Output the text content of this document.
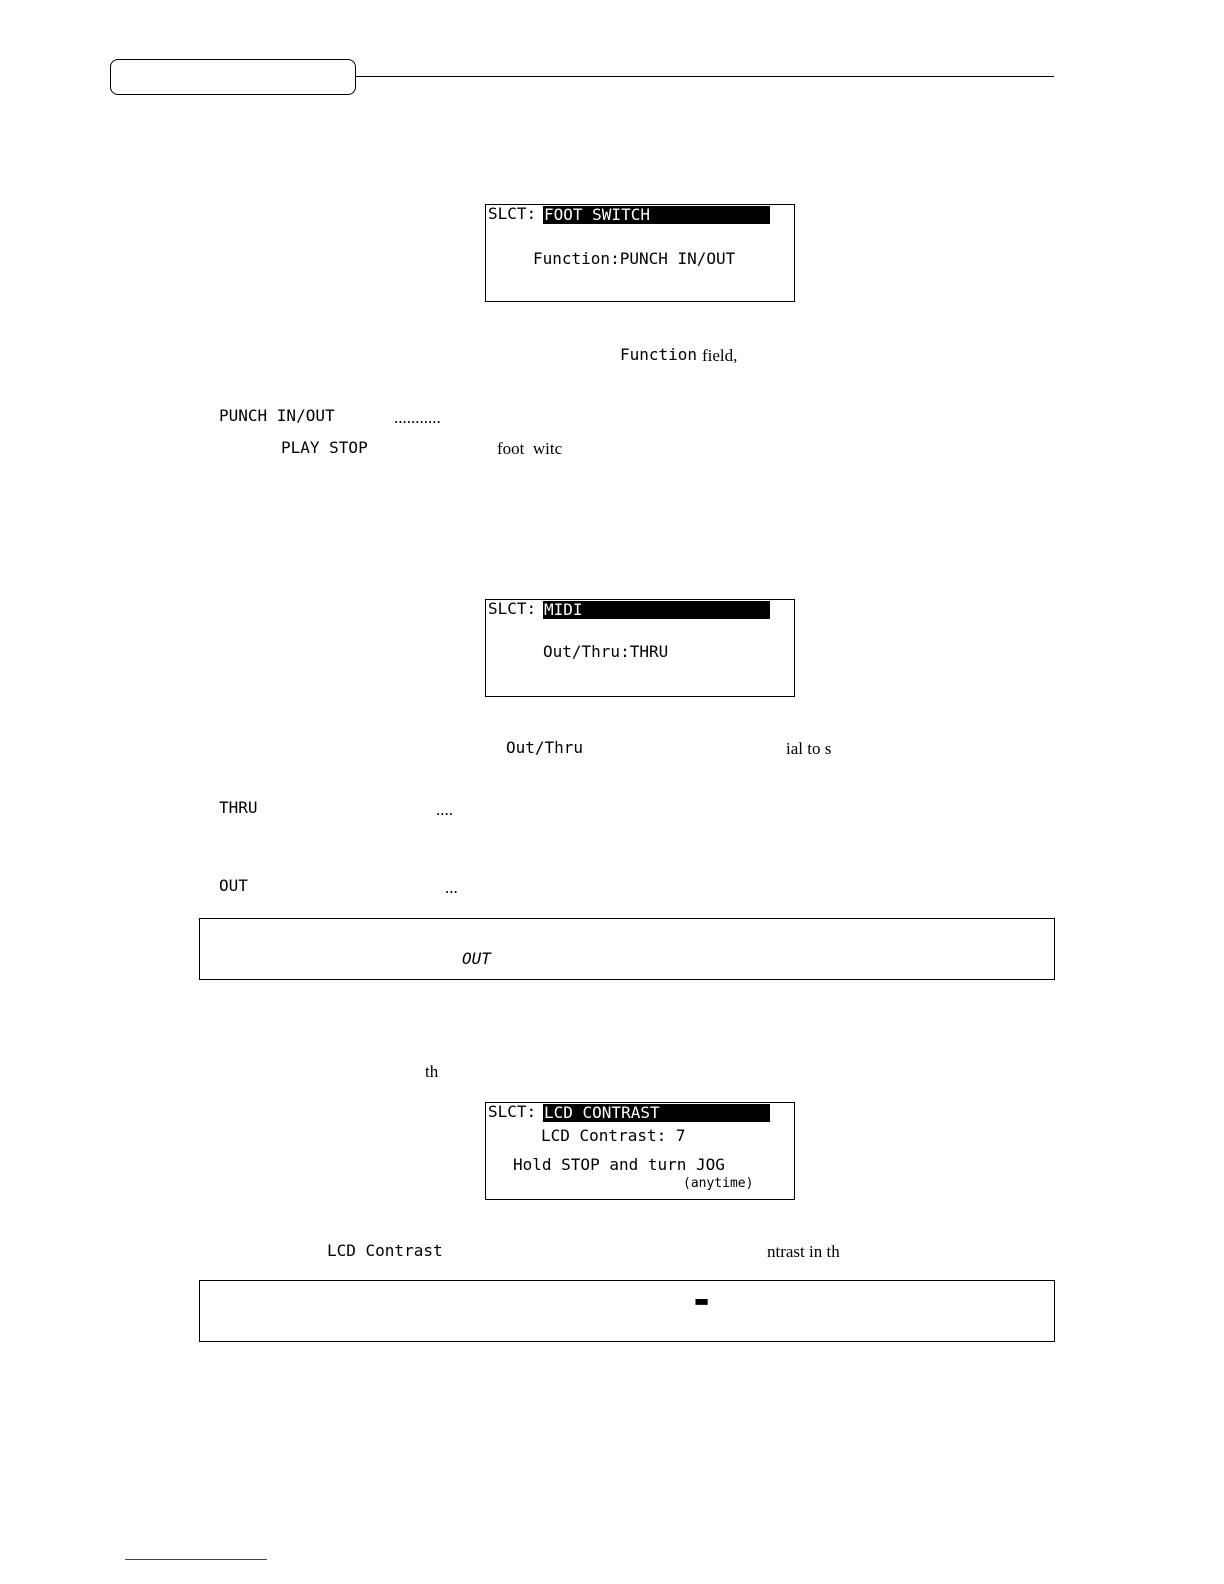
SLCT: FOOT SWITCH
Function:PUNCH IN/OUT
Function field,
PUNCH IN/OUT	...........
PLAY STOP	foot  witc
SLCT: MIDI
Out/Thru:THRU
Out/Thru	ial to s
THRU	....
OUT	...
OUT
th
SLCT: LCD CONTRAST
LCD Contrast: 7
Hold STOP and turn JOG
(anytime)
LCD Contrast	ntrast in th
▬
